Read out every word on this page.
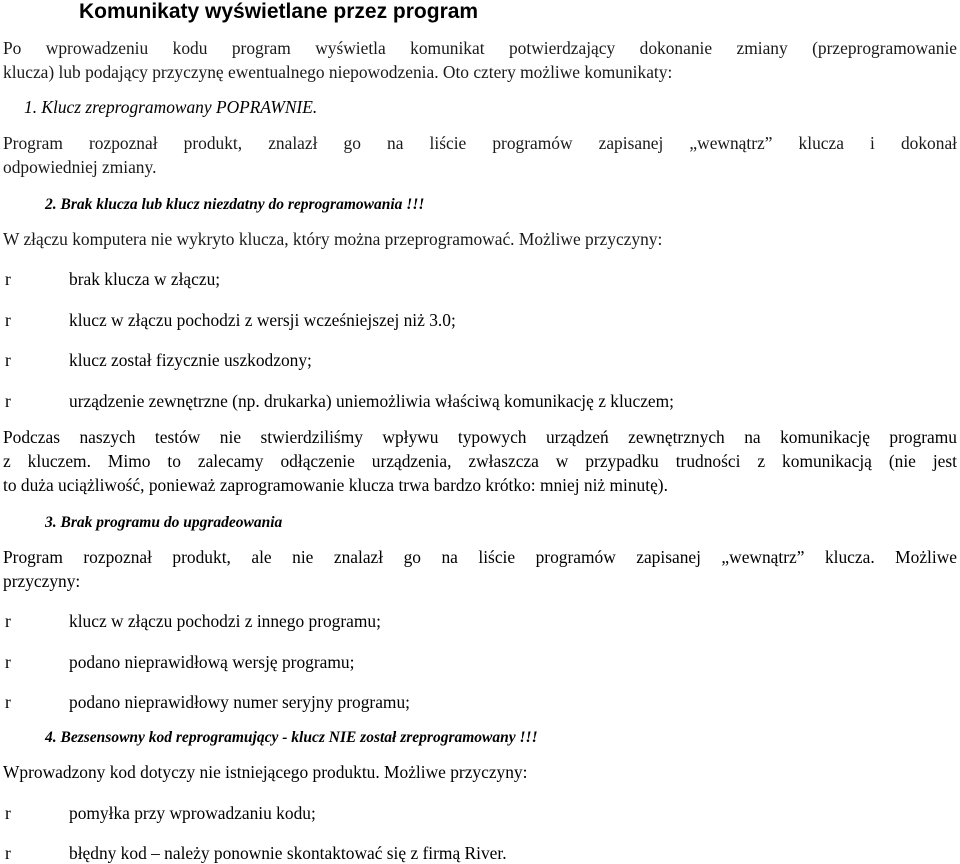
Komunikaty wyświetlane przez program
Po wprowadzeniu kodu program wyświetla komunikat potwierdzający dokonanie zmiany (przeprogramowanie
klucza) lub podający przyczynę ewentualnego niepowodzenia. Oto cztery możliwe komunikaty:
1. Klucz zreprogramowany POPRAWNIE.
Program rozpoznał produkt, znalazł go na liście programów zapisanej „wewnątrz” klucza i dokonał
odpowiedniej zmiany.
2. Brak klucza lub klucz niezdatny do reprogramowania !!!
W złączu komputera nie wykryto klucza, który można przeprogramować. Możliwe przyczyny:
r	brak klucza w złączu;
r	klucz w złączu pochodzi z wersji wcześniejszej niż 3.0;
r	klucz został fizycznie uszkodzony;
r	urządzenie zewnętrzne (np. drukarka) uniemożliwia właściwą komunikację z kluczem;
Podczas naszych testów nie stwierdziliśmy wpływu typowych urządzeń zewnętrznych na komunikację programu
z kluczem. Mimo to zalecamy odłączenie urządzenia, zwłaszcza w przypadku trudności z komunikacją (nie jest
to duża uciążliwość, ponieważ zaprogramowanie klucza trwa bardzo krótko: mniej niż minutę).
3. Brak programu do upgradeowania
Program rozpoznał produkt, ale nie znalazł go na liście programów zapisanej „wewnątrz” klucza. Możliwe
przyczyny:
r	klucz w złączu pochodzi z innego programu;
r	podano nieprawidłową wersję programu;
r	podano nieprawidłowy numer seryjny programu;
4. Bezsensowny kod reprogramujący - klucz NIE został zreprogramowany !!!
Wprowadzony kod dotyczy nie istniejącego produktu. Możliwe przyczyny:
r	pomyłka przy wprowadzaniu kodu;
r	błędny kod – należy ponownie skontaktować się z firmą River.
